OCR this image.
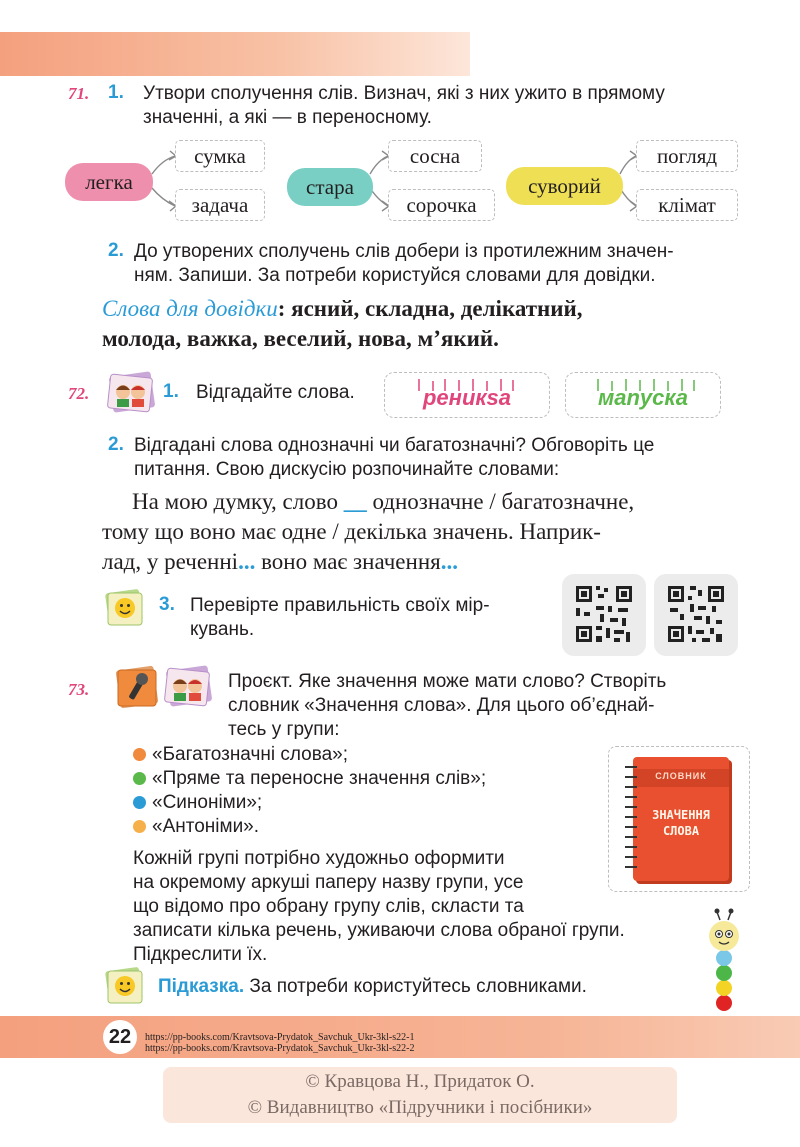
71. 1. Утвори сполучення слів. Визнач, які з них ужито в прямому
значенні, а які — в переносному.
легка
сумка
задача
стара
сосна
сорочка
суворий
погляд
клімат
2. До утворених сполучень слів добери із протилежним значен-
ням. Запиши. За потреби користуйся словами для довідки.
Слова для довідки: ясний, складна, делікатний,
молода, важка, веселий, нова, м’який.
72.	1. Відгадайте слова.	реникsа	мanyска
2. Відгадані слова однозначні чи багатозначні? Обговоріть це
питання. Свою дискусію розпочинайте словами:
На мою думку, слово __ однозначне / багатозначне,
тому що воно має одне / декілька значень. Наприк-
лад, у реченні... воно має значення...
3. Перевірте правильність своїх мір-
кувань.
73.	Проєкт. Яке значення може мати слово? Створіть
словник «Значення слова». Для цього об’єднай-
тесь у групи:
«Багатозначні слова»;
«Пряме та переносне значення слів»;
«Синоніми»;
«Антоніми».
СЛОВНИК
ЗНАЧЕННЯ
СЛОВА
Кожній групі потрібно художньо оформити
на окремому аркуші паперу назву групи, усе
що відомо про обрану групу слів, скласти та
записати кілька речень, уживаючи слова обраної групи.
Підкреслити їх.
Підказка. За потреби користуйтесь словниками.
22	https://pp-books.com/Kravtsova-Prydatok_Savchuk_Ukr-3kl-s22-1
https://pp-books.com/Kravtsova-Prydatok_Savchuk_Ukr-3kl-s22-2
© Кравцова Н., Придаток О.
© Видавництво «Підручники і посібники»
